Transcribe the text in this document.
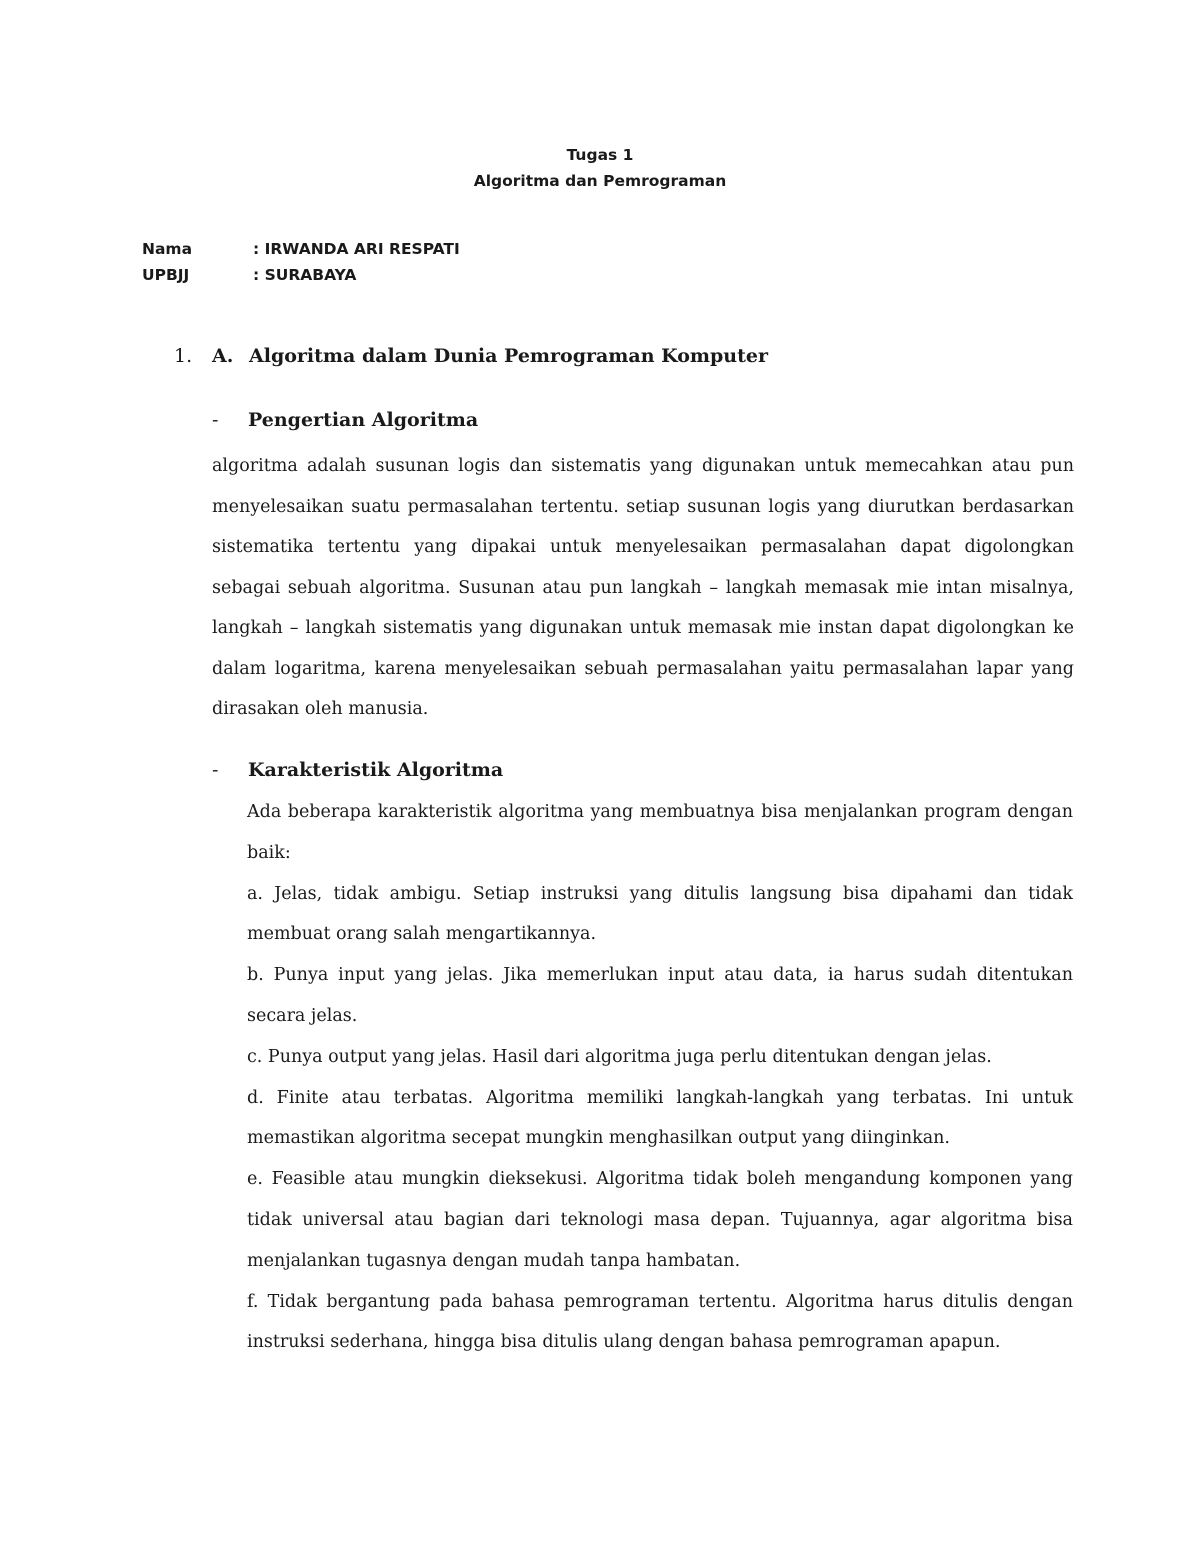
Tugas 1
Algoritma dan Pemrograman
Nama	: IRWANDA ARI RESPATI
UPBJJ	: SURABAYA
1.	A. Algoritma dalam Dunia Pemrograman Komputer
-	Pengertian Algoritma
algoritma adalah susunan logis dan sistematis yang digunakan untuk memecahkan atau pun menyelesaikan suatu permasalahan tertentu. setiap susunan logis yang diurutkan berdasarkan sistematika tertentu yang dipakai untuk menyelesaikan permasalahan dapat digolongkan sebagai sebuah algoritma. Susunan atau pun langkah – langkah memasak mie intan misalnya, langkah – langkah sistematis yang digunakan untuk memasak mie instan dapat digolongkan ke dalam logaritma, karena menyelesaikan sebuah permasalahan yaitu permasalahan lapar yang dirasakan oleh manusia.
-	Karakteristik Algoritma

Ada beberapa karakteristik algoritma yang membuatnya bisa menjalankan program dengan baik:

a. Jelas, tidak ambigu. Setiap instruksi yang ditulis langsung bisa dipahami dan tidak membuat orang salah mengartikannya.

b. Punya input yang jelas. Jika memerlukan input atau data, ia harus sudah ditentukan secara jelas.

c. Punya output yang jelas. Hasil dari algoritma juga perlu ditentukan dengan jelas.

d. Finite atau terbatas. Algoritma memiliki langkah-langkah yang terbatas. Ini untuk memastikan algoritma secepat mungkin menghasilkan output yang diinginkan.

e. Feasible atau mungkin dieksekusi. Algoritma tidak boleh mengandung komponen yang tidak universal atau bagian dari teknologi masa depan. Tujuannya, agar algoritma bisa menjalankan tugasnya dengan mudah tanpa hambatan.

f. Tidak bergantung pada bahasa pemrograman tertentu. Algoritma harus ditulis dengan instruksi sederhana, hingga bisa ditulis ulang dengan bahasa pemrograman apapun.
